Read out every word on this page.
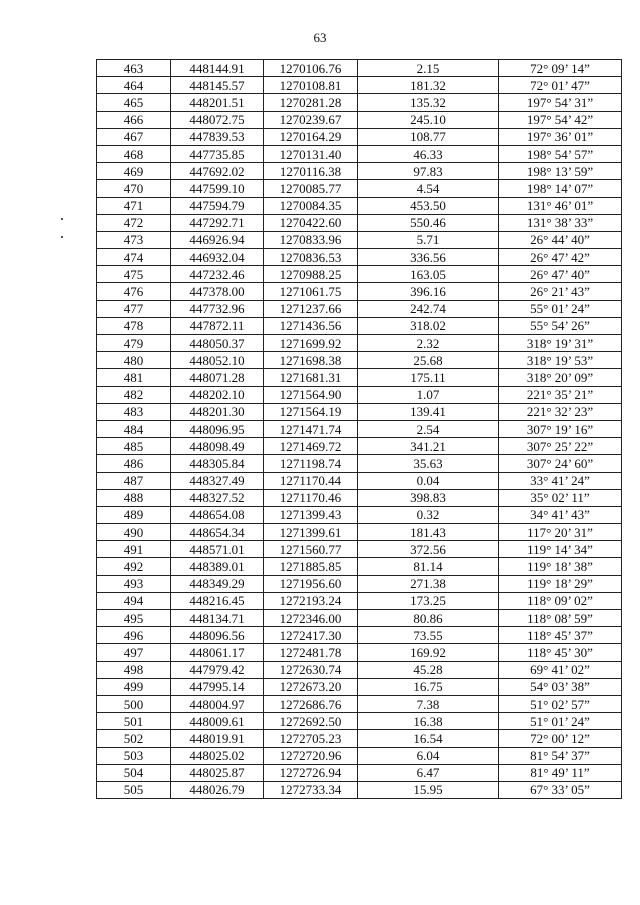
63
463	448144.91	1270106.76	2.15	72° 09’ 14”
464	448145.57	1270108.81	181.32	72° 01’ 47”
465	448201.51	1270281.28	135.32	197° 54’ 31”
466	448072.75	1270239.67	245.10	197° 54’ 42”
467	447839.53	1270164.29	108.77	197° 36’ 01”
468	447735.85	1270131.40	46.33	198° 54’ 57”
469	447692.02	1270116.38	97.83	198° 13’ 59”
470	447599.10	1270085.77	4.54	198° 14’ 07”
471	447594.79	1270084.35	453.50	131° 46’ 01”
472	447292.71	1270422.60	550.46	131° 38’ 33”
473	446926.94	1270833.96	5.71	26° 44’ 40”
474	446932.04	1270836.53	336.56	26° 47’ 42”
475	447232.46	1270988.25	163.05	26° 47’ 40”
476	447378.00	1271061.75	396.16	26° 21’ 43”
477	447732.96	1271237.66	242.74	55° 01’ 24”
478	447872.11	1271436.56	318.02	55° 54’ 26”
479	448050.37	1271699.92	2.32	318° 19’ 31”
480	448052.10	1271698.38	25.68	318° 19’ 53”
481	448071.28	1271681.31	175.11	318° 20’ 09”
482	448202.10	1271564.90	1.07	221° 35’ 21”
483	448201.30	1271564.19	139.41	221° 32’ 23”
484	448096.95	1271471.74	2.54	307° 19’ 16”
485	448098.49	1271469.72	341.21	307° 25’ 22”
486	448305.84	1271198.74	35.63	307° 24’ 60”
487	448327.49	1271170.44	0.04	33° 41’ 24”
488	448327.52	1271170.46	398.83	35° 02’ 11”
489	448654.08	1271399.43	0.32	34° 41’ 43”
490	448654.34	1271399.61	181.43	117° 20’ 31”
491	448571.01	1271560.77	372.56	119° 14’ 34”
492	448389.01	1271885.85	81.14	119° 18’ 38”
493	448349.29	1271956.60	271.38	119° 18’ 29”
494	448216.45	1272193.24	173.25	118° 09’ 02”
495	448134.71	1272346.00	80.86	118° 08’ 59”
496	448096.56	1272417.30	73.55	118° 45’ 37”
497	448061.17	1272481.78	169.92	118° 45’ 30”
498	447979.42	1272630.74	45.28	69° 41’ 02”
499	447995.14	1272673.20	16.75	54° 03’ 38”
500	448004.97	1272686.76	7.38	51° 02’ 57”
501	448009.61	1272692.50	16.38	51° 01’ 24”
502	448019.91	1272705.23	16.54	72° 00’ 12”
503	448025.02	1272720.96	6.04	81° 54’ 37”
504	448025.87	1272726.94	6.47	81° 49’ 11”
505	448026.79	1272733.34	15.95	67° 33’ 05”
